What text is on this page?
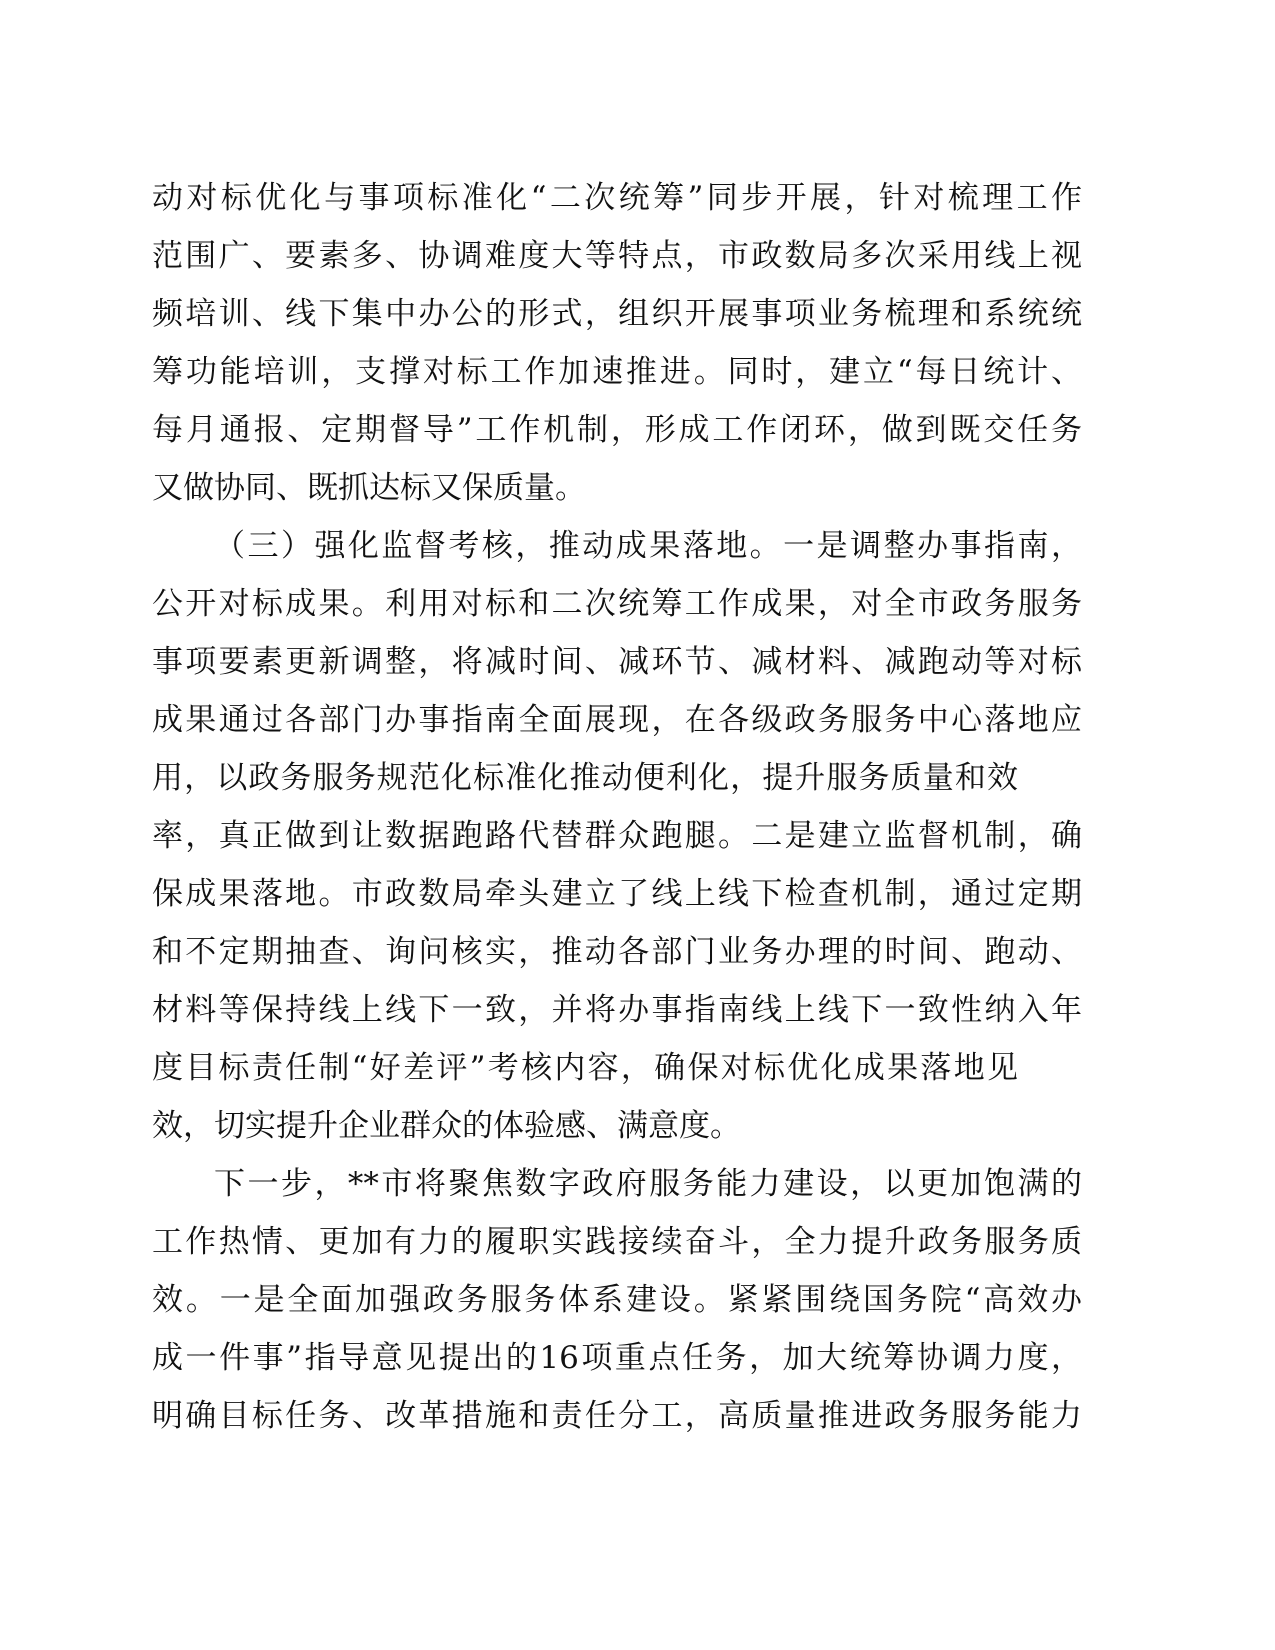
动对标优化与事项标准化“二次统筹”同步开展，针对梳理工作
范围广、要素多、协调难度大等特点，市政数局多次采用线上视
频培训、线下集中办公的形式，组织开展事项业务梳理和系统统
筹功能培训，支撑对标工作加速推进。同时，建立“每日统计、
每月通报、定期督导”工作机制，形成工作闭环，做到既交任务
又做协同、既抓达标又保质量。
（三）强化监督考核，推动成果落地。一是调整办事指南，
公开对标成果。利用对标和二次统筹工作成果，对全市政务服务
事项要素更新调整，将减时间、减环节、减材料、减跑动等对标
成果通过各部门办事指南全面展现，在各级政务服务中心落地应
用，以政务服务规范化标准化推动便利化，提升服务质量和效
率，真正做到让数据跑路代替群众跑腿。二是建立监督机制，确
保成果落地。市政数局牵头建立了线上线下检查机制，通过定期
和不定期抽查、询问核实，推动各部门业务办理的时间、跑动、
材料等保持线上线下一致，并将办事指南线上线下一致性纳入年
度目标责任制“好差评”考核内容，确保对标优化成果落地见
效，切实提升企业群众的体验感、满意度。
下一步，**市将聚焦数字政府服务能力建设，以更加饱满的
工作热情、更加有力的履职实践接续奋斗，全力提升政务服务质
效。一是全面加强政务服务体系建设。紧紧围绕国务院“高效办
成一件事”指导意见提出的16项重点任务，加大统筹协调力度，
明确目标任务、改革措施和责任分工，高质量推进政务服务能力
